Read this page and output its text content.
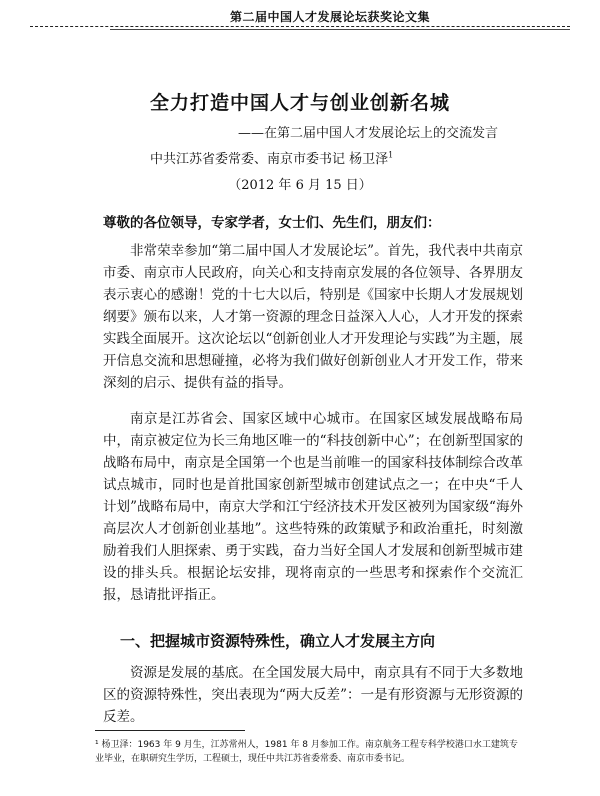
第二届中国人才发展论坛获奖论文集
全力打造中国人才与创业创新名城
——在第二届中国人才发展论坛上的交流发言
中共江苏省委常委、南京市委书记 杨卫泽$^1$
（2012 年 6 月 15 日）
尊敬的各位领导，专家学者，女士们、先生们，朋友们：
非常荣幸参加“第二届中国人才发展论坛”。首先，我代表中共南京市委、南京市人民政府，向关心和支持南京发展的各位领导、各界朋友表示衷心的感谢！党的十七大以后，特别是《国家中长期人才发展规划纲要》颁布以来，人才第一资源的理念日益深入人心，人才开发的探索实践全面展开。这次论坛以“创新创业人才开发理论与实践”为主题，展开信息交流和思想碰撞，必将为我们做好创新创业人才开发工作，带来深刻的启示、提供有益的指导。
南京是江苏省会、国家区域中心城市。在国家区域发展战略布局中，南京被定位为长三角地区唯一的“科技创新中心”；在创新型国家的战略布局中，南京是全国第一个也是当前唯一的国家科技体制综合改革试点城市，同时也是首批国家创新型城市创建试点之一；在中央“千人计划”战略布局中，南京大学和江宁经济技术开发区被列为国家级“海外高层次人才创新创业基地”。这些特殊的政策赋予和政治重托，时刻激励着我们人胆探索、勇于实践，奋力当好全国人才发展和创新型城市建设的排头兵。根据论坛安排，现将南京的一些思考和探索作个交流汇报，恳请批评指正。
一、把握城市资源特殊性，确立人才发展主方向
资源是发展的基底。在全国发展大局中，南京具有不同于大多数地区的资源特殊性，突出表现为“两大反差”：一是有形资源与无形资源的反差。
¹ 杨卫泽：1963 年 9 月生，江苏常州人，1981 年 8 月参加工作。南京航务工程专科学校港口水工建筑专业毕业，在职研究生学历，工程硕士，现任中共江苏省委常委、南京市委书记。
